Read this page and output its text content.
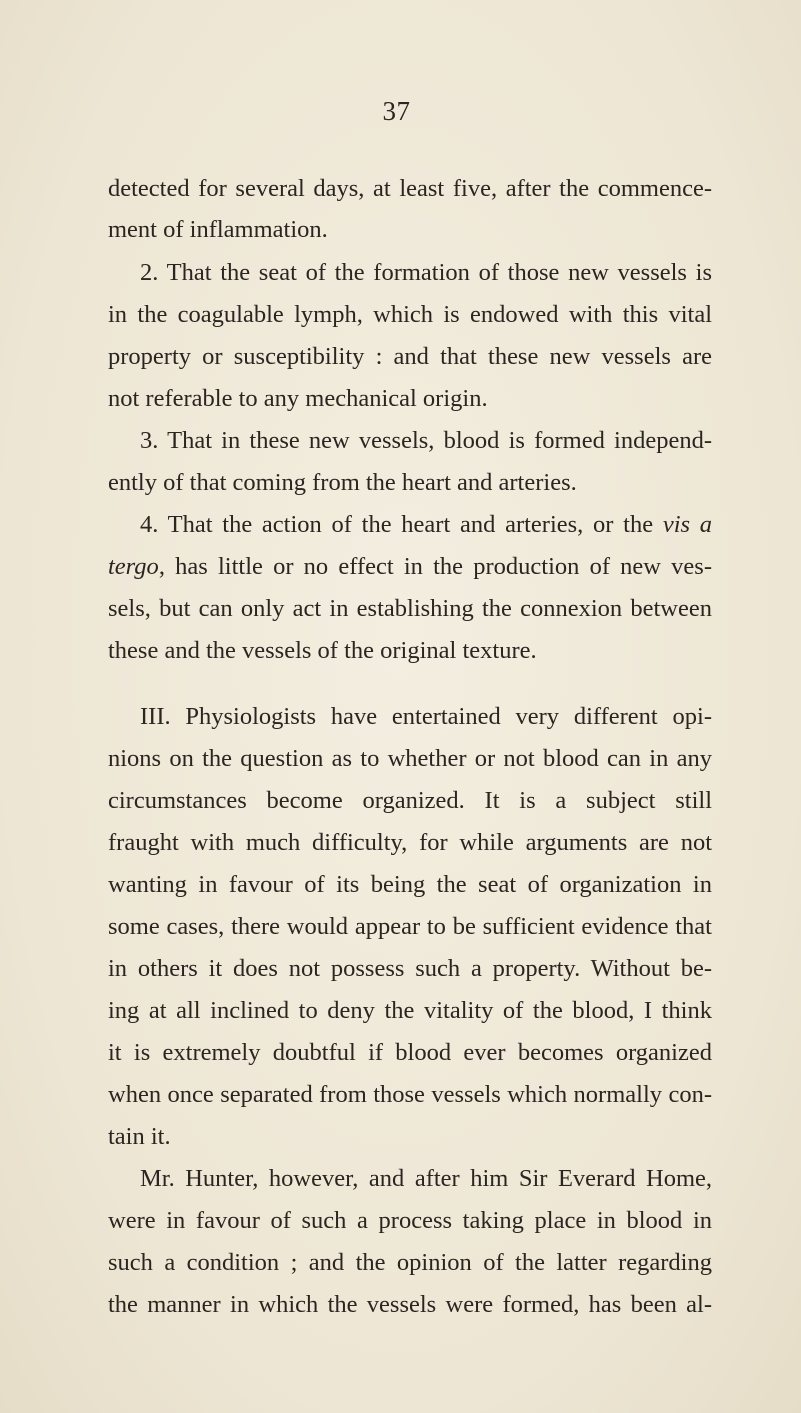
37
detected for several days, at least five, after the commence-
ment of inflammation.
2. That the seat of the formation of those new vessels is
in the coagulable lymph, which is endowed with this vital
property or susceptibility : and that these new vessels are
not referable to any mechanical origin.
3. That in these new vessels, blood is formed independ-
ently of that coming from the heart and arteries.
4. That the action of the heart and arteries, or the vis a
tergo, has little or no effect in the production of new ves-
sels, but can only act in establishing the connexion between
these and the vessels of the original texture.
III. Physiologists have entertained very different opi-
nions on the question as to whether or not blood can in any
circumstances become organized. It is a subject still
fraught with much difficulty, for while arguments are not
wanting in favour of its being the seat of organization in
some cases, there would appear to be sufficient evidence that
in others it does not possess such a property. Without be-
ing at all inclined to deny the vitality of the blood, I think
it is extremely doubtful if blood ever becomes organized
when once separated from those vessels which normally con-
tain it.
Mr. Hunter, however, and after him Sir Everard Home,
were in favour of such a process taking place in blood in
such a condition ; and the opinion of the latter regarding
the manner in which the vessels were formed, has been al-
